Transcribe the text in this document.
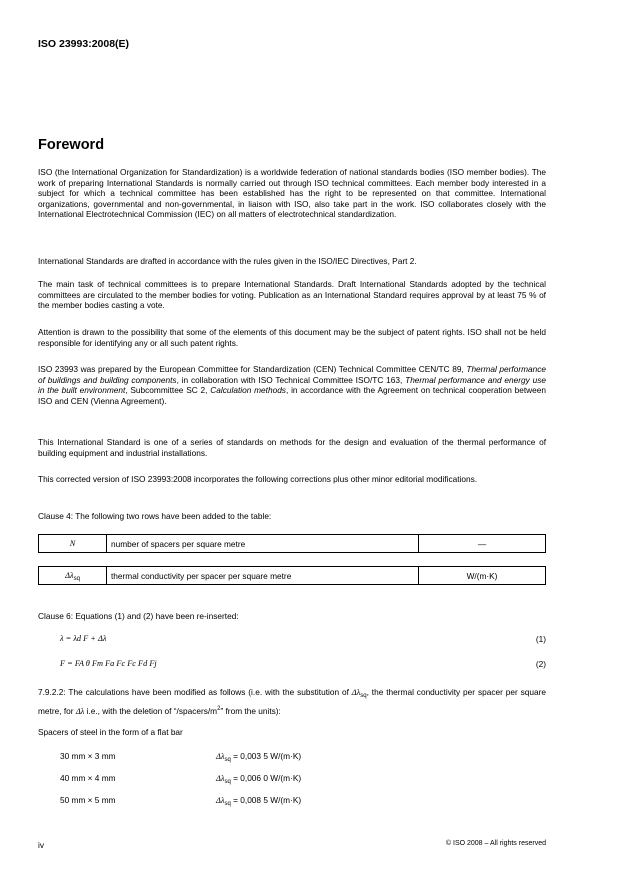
ISO 23993:2008(E)
Foreword
ISO (the International Organization for Standardization) is a worldwide federation of national standards bodies (ISO member bodies). The work of preparing International Standards is normally carried out through ISO technical committees. Each member body interested in a subject for which a technical committee has been established has the right to be represented on that committee. International organizations, governmental and non-governmental, in liaison with ISO, also take part in the work. ISO collaborates closely with the International Electrotechnical Commission (IEC) on all matters of electrotechnical standardization.
International Standards are drafted in accordance with the rules given in the ISO/IEC Directives, Part 2.
The main task of technical committees is to prepare International Standards. Draft International Standards adopted by the technical committees are circulated to the member bodies for voting. Publication as an International Standard requires approval by at least 75 % of the member bodies casting a vote.
Attention is drawn to the possibility that some of the elements of this document may be the subject of patent rights. ISO shall not be held responsible for identifying any or all such patent rights.
ISO 23993 was prepared by the European Committee for Standardization (CEN) Technical Committee CEN/TC 89, Thermal performance of buildings and building components, in collaboration with ISO Technical Committee ISO/TC 163, Thermal performance and energy use in the built environment, Subcommittee SC 2, Calculation methods, in accordance with the Agreement on technical cooperation between ISO and CEN (Vienna Agreement).
This International Standard is one of a series of standards on methods for the design and evaluation of the thermal performance of building equipment and industrial installations.
This corrected version of ISO 23993:2008 incorporates the following corrections plus other minor editorial modifications.
Clause 4: The following two rows have been added to the table:
N	number of spacers per square metre	—
$\Delta\lambda_{sq}$	thermal conductivity per spacer per square metre	W/(m·K)
Clause 6: Equations (1) and (2) have been re-inserted:
λ = λd F + Δλ	(1)
F = FA θ Fm Fa Fc Fc Fd Fj	(2)
7.9.2.2: The calculations have been modified as follows (i.e. with the substitution of $\Delta\lambda_{sq}$, the thermal conductivity per spacer per square metre, for Δλ i.e., with the deletion of “$/spacers/m^2$” from the units):
Spacers of steel in the form of a flat bar
30 mm × 3 mm	$\Delta\lambda_{sq} = 0,003$ 5 W/(m·K)
40 mm × 4 mm	$\Delta\lambda_{sq} = 0,006$ 0 W/(m·K)
50 mm × 5 mm	$\Delta\lambda_{sq} = 0,008$ 5 W/(m·K)
iv	© ISO 2008 – All rights reserved
